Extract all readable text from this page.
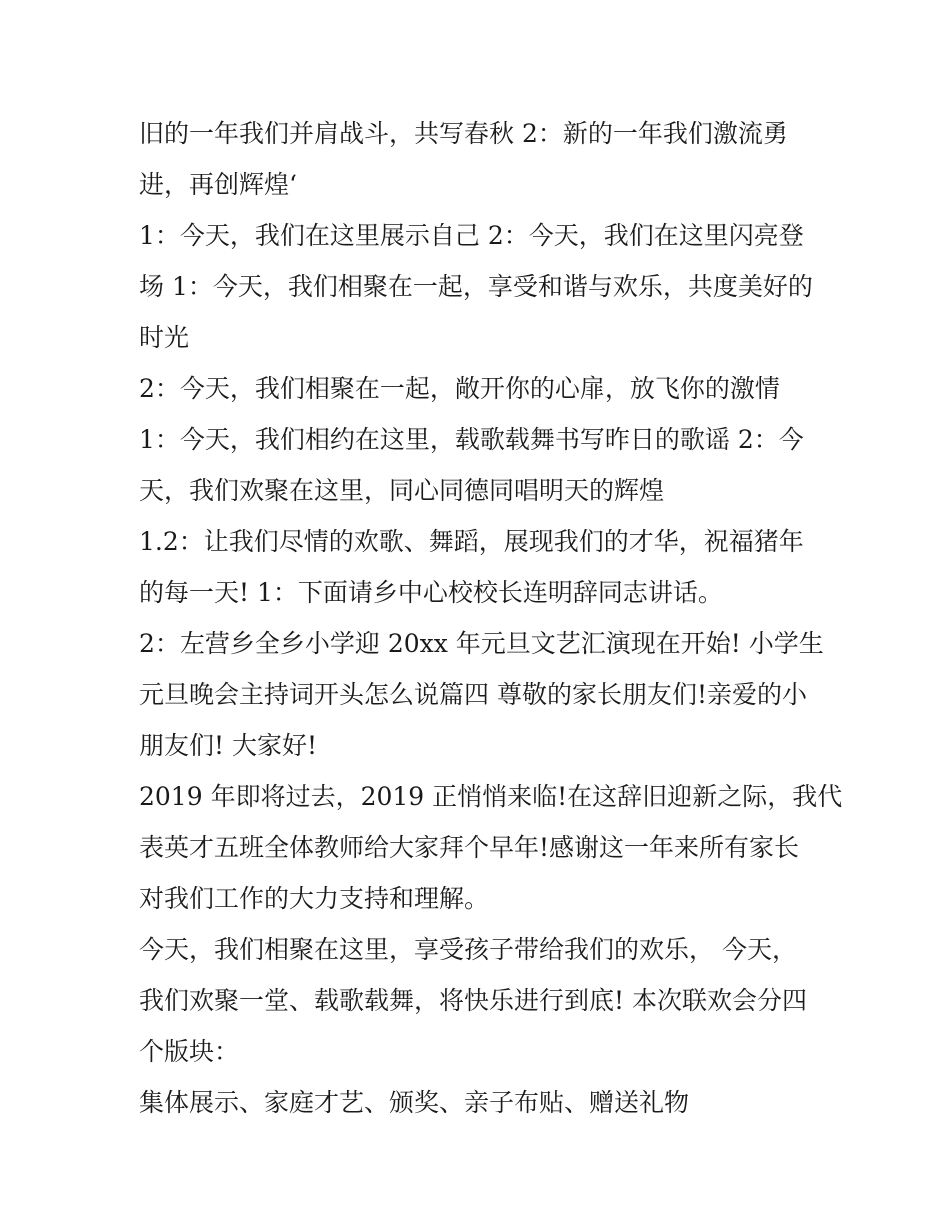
旧的一年我们并肩战斗，共写春秋 2：新的一年我们激流勇
进，再创辉煌‘
1：今天，我们在这里展示自己 2：今天，我们在这里闪亮登
场 1：今天，我们相聚在一起，享受和谐与欢乐，共度美好的
时光
2：今天，我们相聚在一起，敞开你的心扉，放飞你的激情
1：今天，我们相约在这里，载歌载舞书写昨日的歌谣 2：今
天，我们欢聚在这里，同心同德同唱明天的辉煌
1.2：让我们尽情的欢歌、舞蹈，展现我们的才华，祝福猪年
的每一天! 1：下面请乡中心校校长连明辞同志讲话。
2：左营乡全乡小学迎 20xx 年元旦文艺汇演现在开始! 小学生
元旦晚会主持词开头怎么说篇四 尊敬的家长朋友们!亲爱的小
朋友们! 大家好!
2019 年即将过去，2019 正悄悄来临!在这辞旧迎新之际，我代
表英才五班全体教师给大家拜个早年!感谢这一年来所有家长
对我们工作的大力支持和理解。
今天，我们相聚在这里，享受孩子带给我们的欢乐， 今天，
我们欢聚一堂、载歌载舞，将快乐进行到底! 本次联欢会分四
个版块：
集体展示、家庭才艺、颁奖、亲子布贴、赠送礼物
